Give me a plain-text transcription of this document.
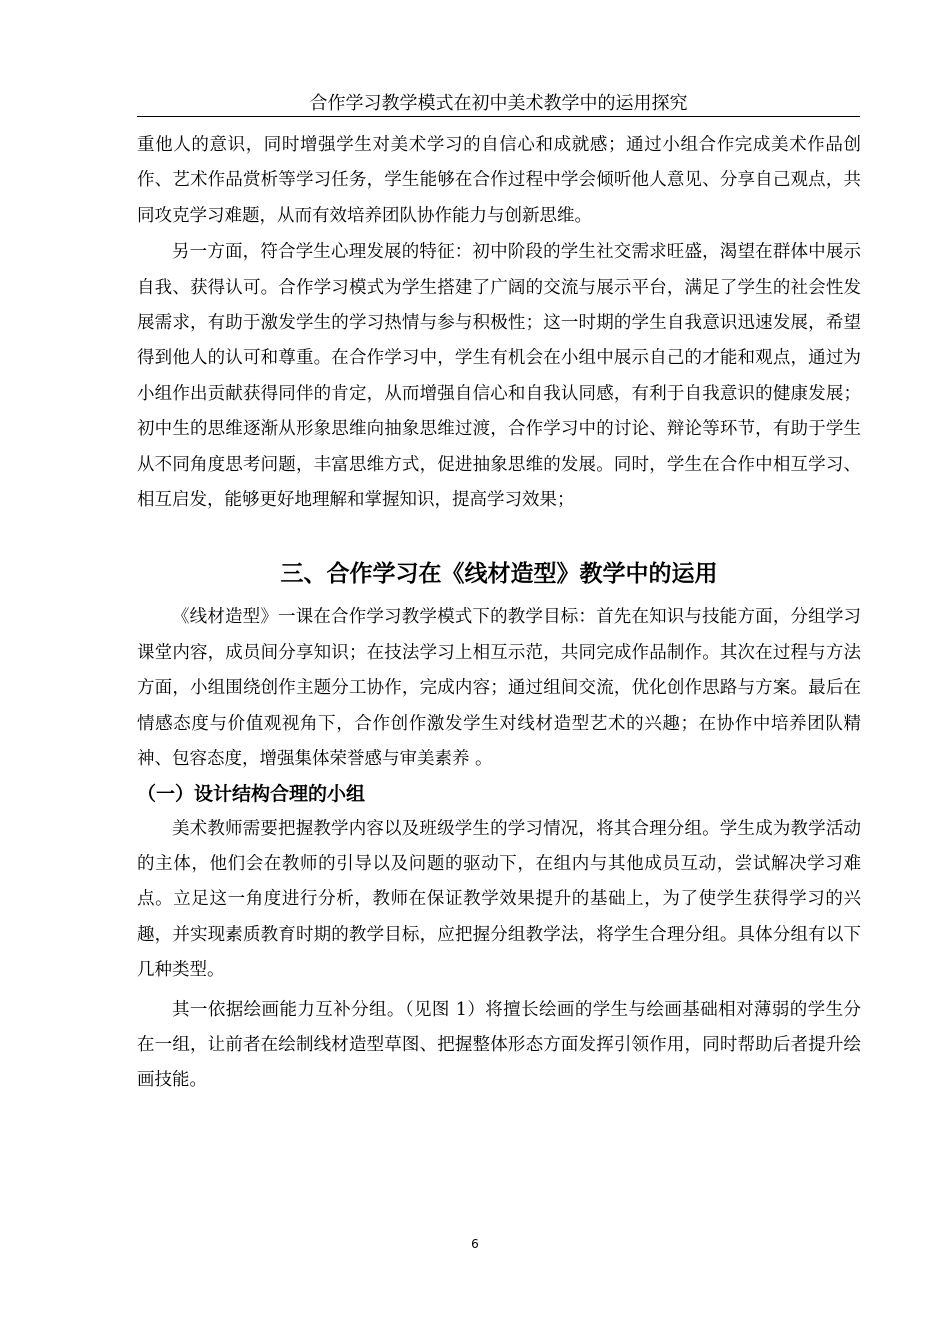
合作学习教学模式在初中美术教学中的运用探究

重他人的意识，同时增强学生对美术学习的自信心和成就感；通过小组合作完成美术作品创作、艺术作品赏析等学习任务，学生能够在合作过程中学会倾听他人意见、分享自己观点，共同攻克学习难题，从而有效培养团队协作能力与创新思维。

另一方面，符合学生心理发展的特征：初中阶段的学生社交需求旺盛，渴望在群体中展示自我、获得认可。合作学习模式为学生搭建了广阔的交流与展示平台，满足了学生的社会性发展需求，有助于激发学生的学习热情与参与积极性；这一时期的学生自我意识迅速发展，希望得到他人的认可和尊重。在合作学习中，学生有机会在小组中展示自己的才能和观点，通过为小组作出贡献获得同伴的肯定，从而增强自信心和自我认同感，有利于自我意识的健康发展；初中生的思维逐渐从形象思维向抽象思维过渡，合作学习中的讨论、辩论等环节，有助于学生从不同角度思考问题，丰富思维方式，促进抽象思维的发展。同时，学生在合作中相互学习、相互启发，能够更好地理解和掌握知识，提高学习效果；

三、合作学习在《线材造型》教学中的运用

《线材造型》一课在合作学习教学模式下的教学目标：首先在知识与技能方面，分组学习课堂内容，成员间分享知识；在技法学习上相互示范，共同完成作品制作。其次在过程与方法方面，小组围绕创作主题分工协作，完成内容；通过组间交流，优化创作思路与方案。最后在情感态度与价值观视角下，合作创作激发学生对线材造型艺术的兴趣；在协作中培养团队精神、包容态度，增强集体荣誉感与审美素养 。

（一）设计结构合理的小组

美术教师需要把握教学内容以及班级学生的学习情况，将其合理分组。学生成为教学活动的主体，他们会在教师的引导以及问题的驱动下，在组内与其他成员互动，尝试解决学习难点。立足这一角度进行分析，教师在保证教学效果提升的基础上，为了使学生获得学习的兴趣，并实现素质教育时期的教学目标，应把握分组教学法，将学生合理分组。具体分组有以下几种类型。

其一依据绘画能力互补分组。（见图 1）将擅长绘画的学生与绘画基础相对薄弱的学生分在一组，让前者在绘制线材造型草图、把握整体形态方面发挥引领作用，同时帮助后者提升绘画技能。

6
